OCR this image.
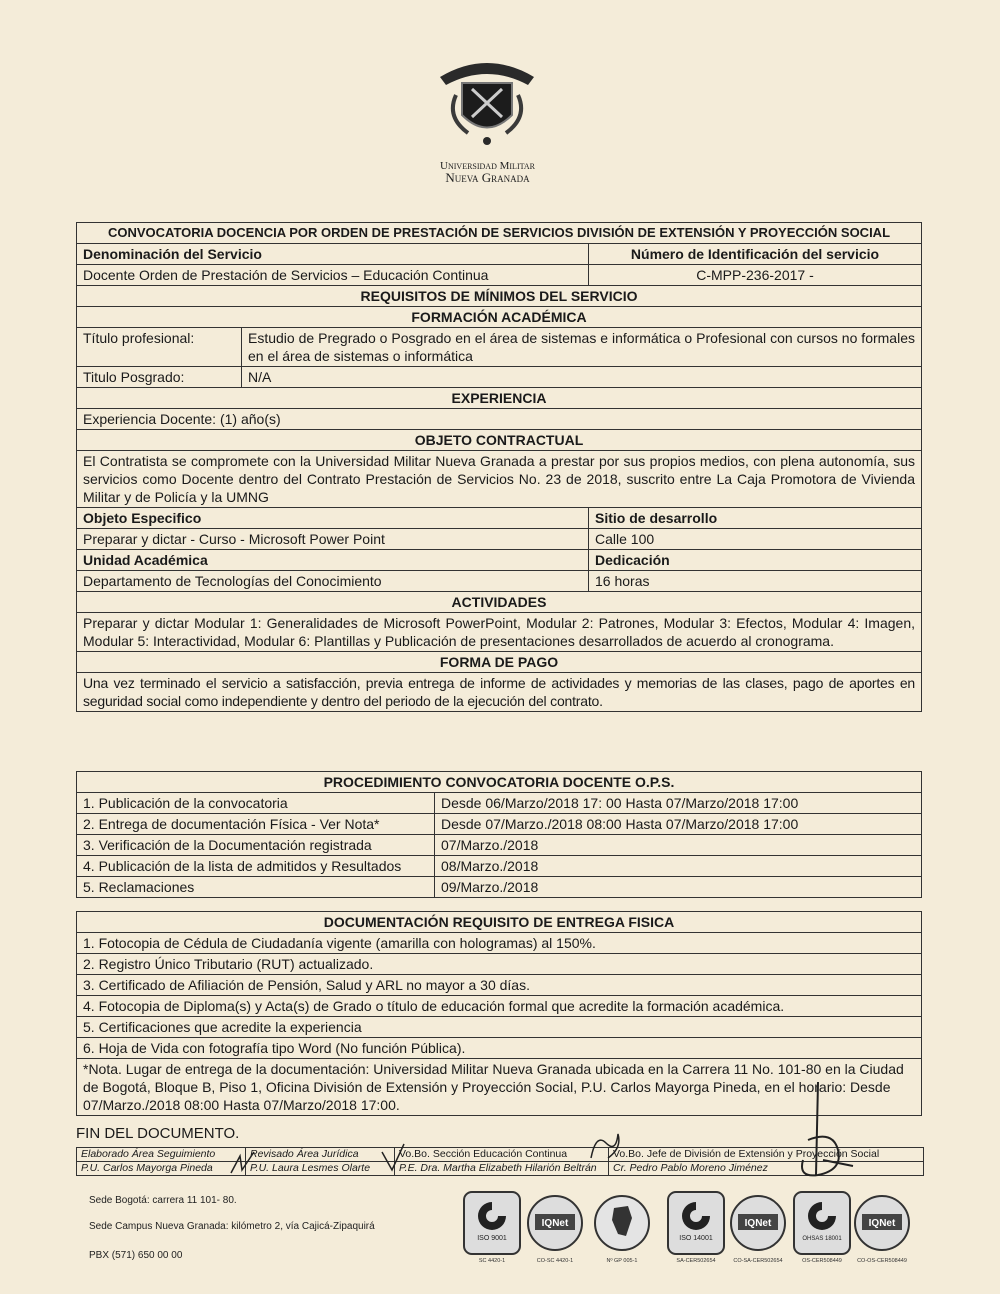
Universidad Militar
Nueva Granada
CONVOCATORIA DOCENCIA POR ORDEN DE PRESTACIÓN DE SERVICIOS DIVISIÓN DE EXTENSIÓN Y PROYECCIÓN SOCIAL		
Denominación del Servicio		Número de Identificación del servicio
Docente Orden de Prestación de Servicios – Educación Continua		C-MPP-236-2017 -
REQUISITOS DE MÍNIMOS DEL SERVICIO		
FORMACIÓN ACADÉMICA		
Título profesional:	Estudio de Pregrado o Posgrado en el área de sistemas e informática o Profesional con cursos no formales en el área de sistemas o informática	
Titulo Posgrado:	N/A	
EXPERIENCIA		
Experiencia Docente: (1) año(s)		
OBJETO CONTRACTUAL		
El Contratista se compromete con la Universidad Militar Nueva Granada a prestar por sus propios medios, con plena autonomía, sus servicios como Docente dentro del Contrato Prestación de Servicios No. 23 de 2018, suscrito entre La Caja Promotora de Vivienda Militar y de Policía y la UMNG		
Objeto Especifico		Sitio de desarrollo
Preparar y dictar - Curso - Microsoft Power Point		Calle 100
Unidad Académica		Dedicación
Departamento de Tecnologías del Conocimiento		16 horas
ACTIVIDADES		
Preparar y dictar Modular 1: Generalidades de Microsoft PowerPoint, Modular 2: Patrones, Modular 3: Efectos, Modular 4: Imagen, Modular 5: Interactividad, Modular 6: Plantillas y Publicación de presentaciones desarrollados de acuerdo al cronograma.		
FORMA DE PAGO		
Una vez terminado el servicio a satisfacción, previa entrega de informe de actividades y memorias de las clases, pago de aportes en seguridad social como independiente y dentro del periodo de la ejecución del contrato.		
PROCEDIMIENTO CONVOCATORIA DOCENTE O.P.S.	
1. Publicación de la convocatoria	Desde 06/Marzo/2018 17: 00 Hasta 07/Marzo/2018 17:00
2. Entrega de documentación Física - Ver Nota*	Desde 07/Marzo./2018 08:00 Hasta 07/Marzo/2018 17:00
3. Verificación de la Documentación registrada	07/Marzo./2018
4. Publicación de la lista de admitidos y Resultados	08/Marzo./2018
5. Reclamaciones	09/Marzo./2018
DOCUMENTACIÓN REQUISITO DE ENTREGA FISICA
1. Fotocopia de Cédula de Ciudadanía vigente (amarilla con hologramas) al 150%.
2. Registro Único Tributario (RUT) actualizado.
3. Certificado de Afiliación de Pensión, Salud y ARL no mayor a 30 días.
4. Fotocopia de Diploma(s) y Acta(s) de Grado o título de educación formal que acredite la formación académica.
5. Certificaciones que acredite la experiencia
6. Hoja de Vida con fotografía tipo Word (No función Pública).
*Nota. Lugar de entrega de la documentación: Universidad Militar Nueva Granada ubicada en la Carrera 11 No. 101-80 en la Ciudad de Bogotá, Bloque B, Piso 1, Oficina División de Extensión y Proyección Social, P.U. Carlos Mayorga Pineda, en el horario: Desde 07/Marzo./2018 08:00 Hasta 07/Marzo/2018 17:00.
FIN DEL DOCUMENTO.
Elaborado Área Seguimiento	Revisado Área Jurídica	Vo.Bo. Sección Educación Continua	Vo.Bo. Jefe de División de Extensión y Proyección Social
P.U. Carlos Mayorga Pineda	P.U. Laura Lesmes Olarte	P.E. Dra. Martha Elizabeth Hilarión Beltrán	Cr. Pedro Pablo Moreno Jiménez
Sede Bogotá: carrera 11 101- 80.
Sede Campus Nueva Granada: kilómetro 2, vía Cajicá-Zipaquirá
PBX (571) 650 00 00
ISO 9001
IQNet
ISO 14001
IQNet
OHSAS 18001
IQNet
SC 4420-1	CO-SC 4420-1	Nº GP 005-1	SA-CER502654	CO-SA-CER502654	OS-CER508449	CO-OS-CER508449
